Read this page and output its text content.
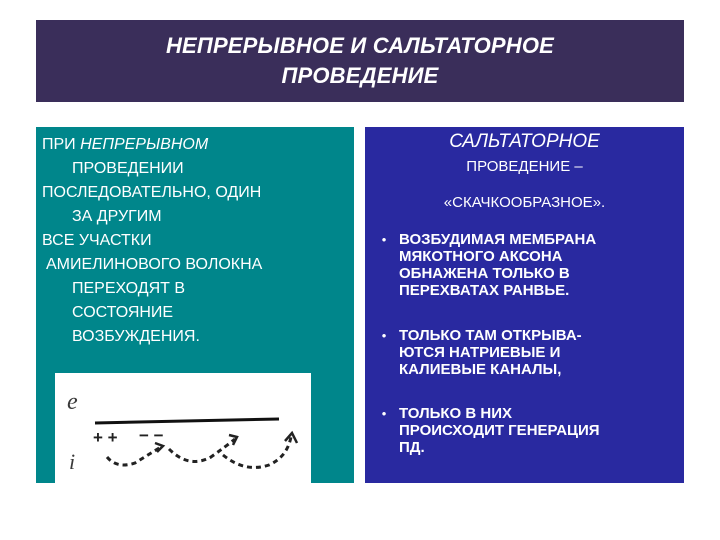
НЕПРЕРЫВНОЕ И САЛЬТАТОРНОЕ
ПРОВЕДЕНИЕ
ПРИ НЕПРЕРЫВНОМ
ПРОВЕДЕНИИ
ПОСЛЕДОВАТЕЛЬНО, ОДИН
ЗА ДРУГИМ
ВСЕ УЧАСТКИ
АМИЕЛИНОВОГО ВОЛОКНА
ПЕРЕХОДЯТ В
СОСТОЯНИЕ
ВОЗБУЖДЕНИЯ.
e
i
+ + − −
САЛЬТАТОРНОЕ
ПРОВЕДЕНИЕ –
«СКАЧКООБРАЗНОЕ».
• ВОЗБУДИМАЯ МЕМБРАНА
МЯКОТНОГО АКСОНА
ОБНАЖЕНА ТОЛЬКО В
ПЕРЕХВАТАХ РАНВЬЕ.
• ТОЛЬКО ТАМ ОТКРЫВА-
ЮТСЯ НАТРИЕВЫЕ И
КАЛИЕВЫЕ КАНАЛЫ,
• ТОЛЬКО В НИХ
ПРОИСХОДИТ ГЕНЕРАЦИЯ
ПД.
